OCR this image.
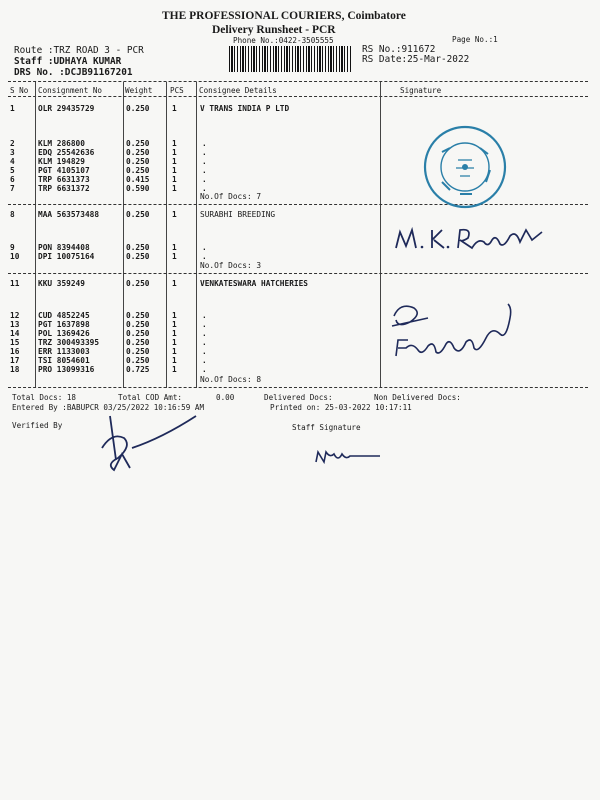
THE PROFESSIONAL COURIERS, Coimbatore
Delivery Runsheet - PCR
Phone No.:0422-3505555	Page No.:1
Route :TRZ ROAD 3 - PCR
Staff :UDHAYA KUMAR
DRS No. :DCJB91167201
RS No.:911672
RS Date:25-Mar-2022
S No Consignment No	Weight PCS Consignee Details	Signature
1	OLR 29435729	0.250	1	V TRANS INDIA P LTD
2	KLM 286800	0.250	1	.
3	EDQ 25542636	0.250	1	.
4	KLM 194829	0.250	1	.
5	PGT 4105107	0.250	1	.
6	TRP 6631373	0.415	1	.
7	TRP 6631372	0.590	1	.
No.Of Docs: 7
8	MAA 563573488	0.250	1	SURABHI BREEDING
9	PON 8394408	0.250	1	.
10 DPI 10075164	0.250	1	.
No.Of Docs: 3
11 KKU 359249	0.250	1	VENKATESWARA HATCHERIES
12 CUD 4852245	0.250	1	.
13 PGT 1637898	0.250	1	.
14 POL 1369426	0.250	1	.
15 TRZ 300493395	0.250	1	.
16 ERR 1133003	0.250	1	.
17 TSI 8054601	0.250	1	.
18 PRO 13099316	0.725	1	.
No.Of Docs: 8
Total Docs: 18	Total COD Amt:	0.00	Delivered Docs:	Non Delivered Docs:
Entered By :BABUPCR 03/25/2022 10:16:59 AM	Printed on: 25-03-2022 10:17:11
Verified By	Staff Signature
